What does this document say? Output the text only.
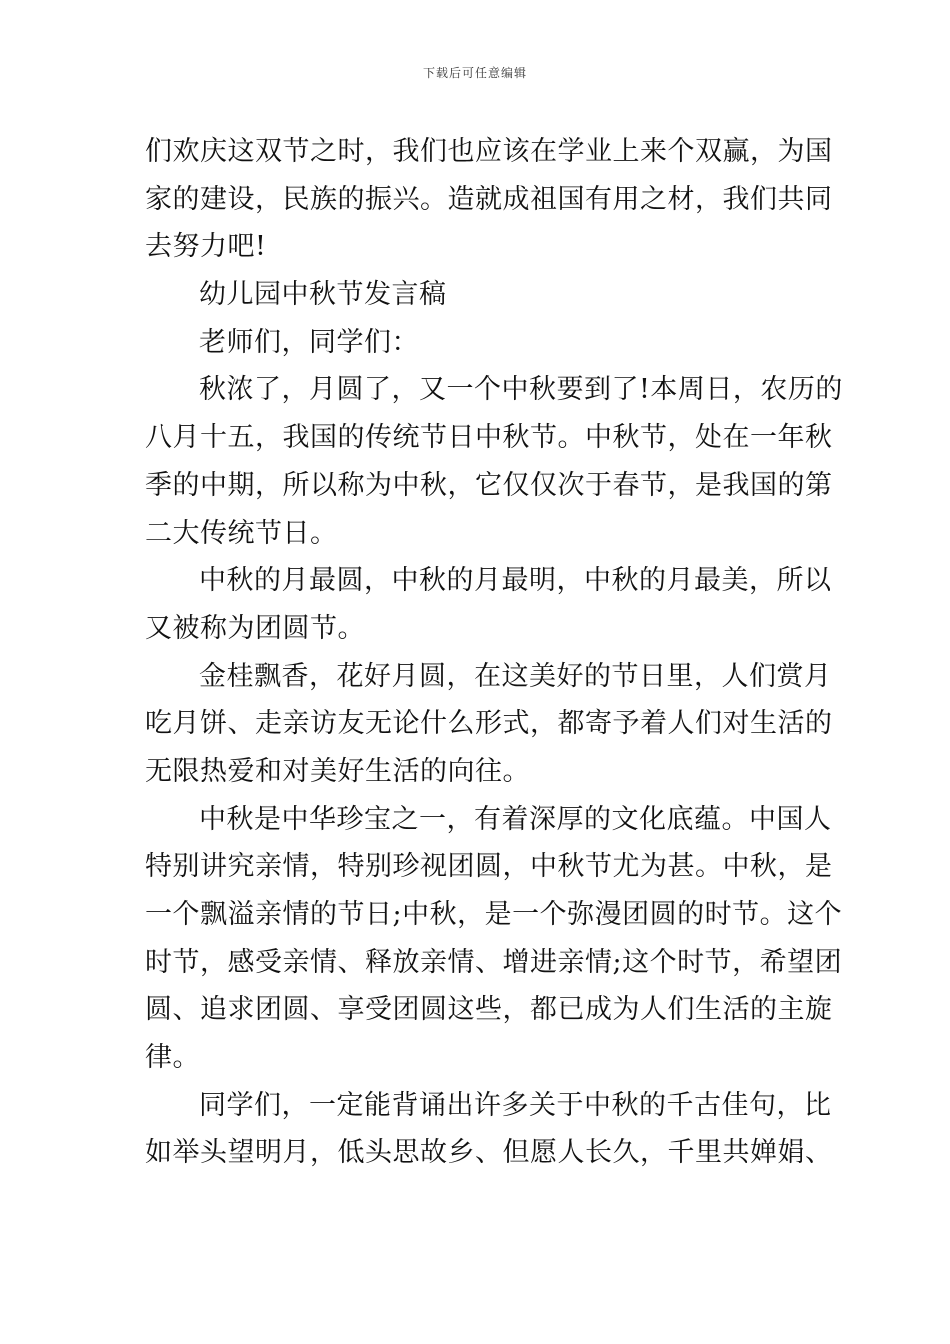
下载后可任意编辑
们欢庆这双节之时，我们也应该在学业上来个双赢，为国
家的建设，民族的振兴。造就成祖国有用之材，我们共同
去努力吧!
幼儿园中秋节发言稿
老师们，同学们：
秋浓了，月圆了，又一个中秋要到了!本周日，农历的
八月十五，我国的传统节日中秋节。中秋节，处在一年秋
季的中期，所以称为中秋，它仅仅次于春节，是我国的第
二大传统节日。
中秋的月最圆，中秋的月最明，中秋的月最美，所以
又被称为团圆节。
金桂飘香，花好月圆，在这美好的节日里，人们赏月
吃月饼、走亲访友无论什么形式，都寄予着人们对生活的
无限热爱和对美好生活的向往。
中秋是中华珍宝之一，有着深厚的文化底蕴。中国人
特别讲究亲情，特别珍视团圆，中秋节尤为甚。中秋，是
一个飘溢亲情的节日;中秋，是一个弥漫团圆的时节。这个
时节，感受亲情、释放亲情、增进亲情;这个时节，希望团
圆、追求团圆、享受团圆这些，都已成为人们生活的主旋
律。
同学们，一定能背诵出许多关于中秋的千古佳句，比
如举头望明月，低头思故乡、但愿人长久，千里共婵娟、
